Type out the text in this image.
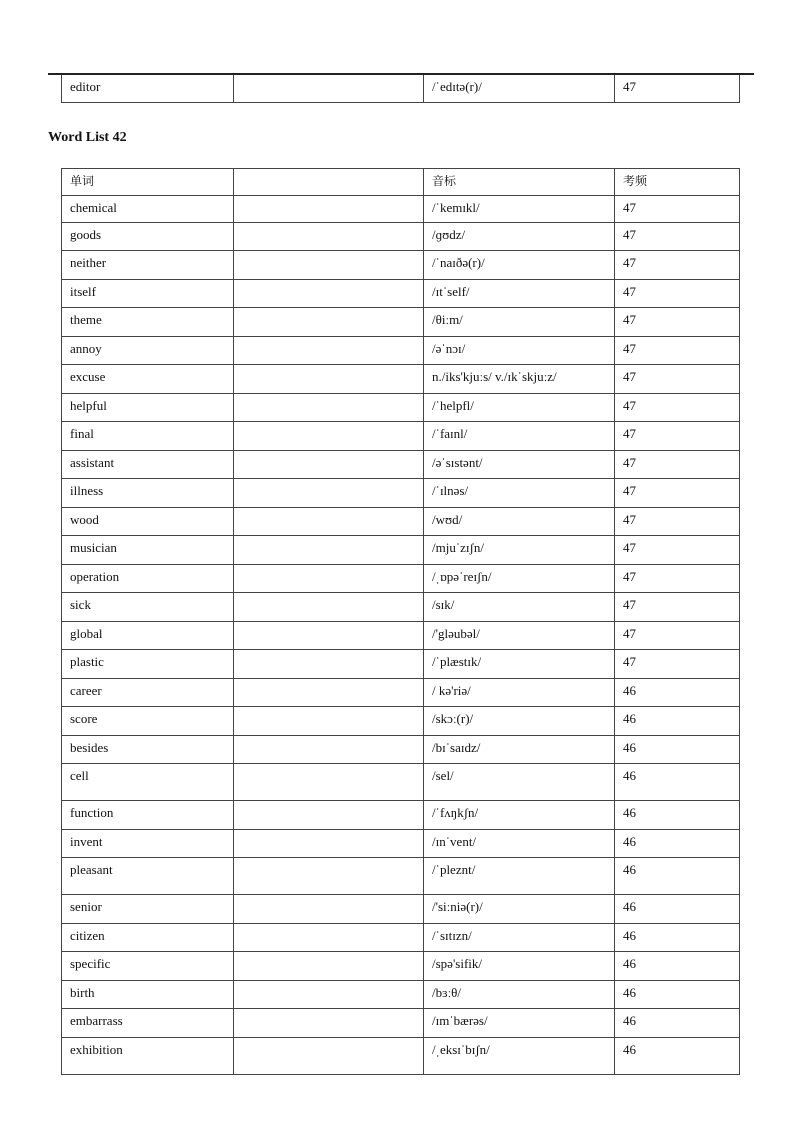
editor		/ˈedɪtə(r)/	47
Word List 42
单词		音标	考频

chemical		/ˈkemɪkl/	47

goods		/ɡʊdz/	47

neither		/ˈnaɪðə(r)/	47

itself		/ɪtˈself/	47

theme		/θiːm/	47

annoy		/əˈnɔɪ/	47

excuse		n./iks'kjuːs/ v./ɪkˈskjuːz/	47

helpful		/ˈhelpfl/	47

final		/ˈfaɪnl/	47

assistant		/əˈsɪstənt/	47

illness		/ˈɪlnəs/	47

wood		/wʊd/	47

musician		/mjuˈzɪʃn/	47

operation		/ˌɒpəˈreɪʃn/	47

sick		/sɪk/	47

global		/'gləubəl/	47

plastic		/ˈplæstɪk/	47

career		/ kə'riə/	46

score		/skɔː(r)/	46

besides		/bɪˈsaɪdz/	46

cell		/sel/	46

function		/ˈfʌŋkʃn/	46

invent		/ɪnˈvent/	46

pleasant		/ˈpleznt/	46

senior		/'siːniə(r)/	46

citizen		/ˈsɪtɪzn/	46

specific		/spə'sifik/	46

birth		/bɜːθ/	46

embarrass		/ɪmˈbærəs/	46

exhibition		/ˌeksɪˈbɪʃn/	46
